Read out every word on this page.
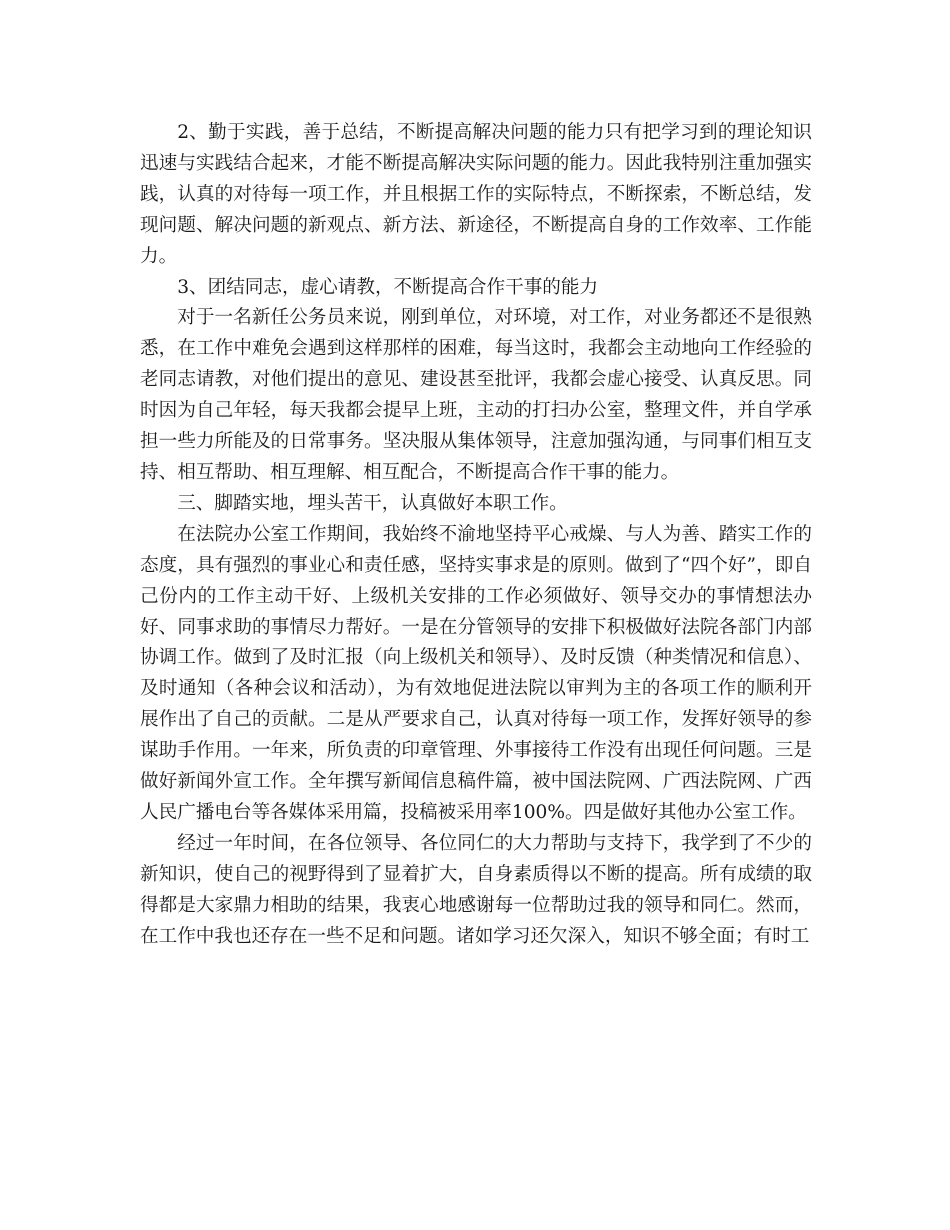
2、勤于实践，善于总结，不断提高解决问题的能力只有把学习到的理论知识迅速与实践结合起来，才能不断提高解决实际问题的能力。因此我特别注重加强实践，认真的对待每一项工作，并且根据工作的实际特点，不断探索，不断总结，发现问题、解决问题的新观点、新方法、新途径，不断提高自身的工作效率、工作能力。

3、团结同志，虚心请教，不断提高合作干事的能力

对于一名新任公务员来说，刚到单位，对环境，对工作，对业务都还不是很熟悉，在工作中难免会遇到这样那样的困难，每当这时，我都会主动地向工作经验的老同志请教，对他们提出的意见、建设甚至批评，我都会虚心接受、认真反思。同时因为自己年轻，每天我都会提早上班，主动的打扫办公室，整理文件，并自学承担一些力所能及的日常事务。坚决服从集体领导，注意加强沟通，与同事们相互支持、相互帮助、相互理解、相互配合，不断提高合作干事的能力。

三、脚踏实地，埋头苦干，认真做好本职工作。

在法院办公室工作期间，我始终不渝地坚持平心戒燥、与人为善、踏实工作的态度，具有强烈的事业心和责任感，坚持实事求是的原则。做到了“四个好”，即自己份内的工作主动干好、上级机关安排的工作必须做好、领导交办的事情想法办好、同事求助的事情尽力帮好。一是在分管领导的安排下积极做好法院各部门内部协调工作。做到了及时汇报（向上级机关和领导）、及时反馈（种类情况和信息）、及时通知（各种会议和活动），为有效地促进法院以审判为主的各项工作的顺利开展作出了自己的贡献。二是从严要求自己，认真对待每一项工作，发挥好领导的参谋助手作用。一年来，所负责的印章管理、外事接待工作没有出现任何问题。三是做好新闻外宣工作。全年撰写新闻信息稿件篇，被中国法院网、广西法院网、广西人民广播电台等各媒体采用篇，投稿被采用率100%。四是做好其他办公室工作。

经过一年时间，在各位领导、各位同仁的大力帮助与支持下，我学到了不少的新知识，使自己的视野得到了显着扩大，自身素质得以不断的提高。所有成绩的取得都是大家鼎力相助的结果，我衷心地感谢每一位帮助过我的领导和同仁。然而，在工作中我也还存在一些不足和问题。诸如学习还欠深入，知识不够全面；有时工
